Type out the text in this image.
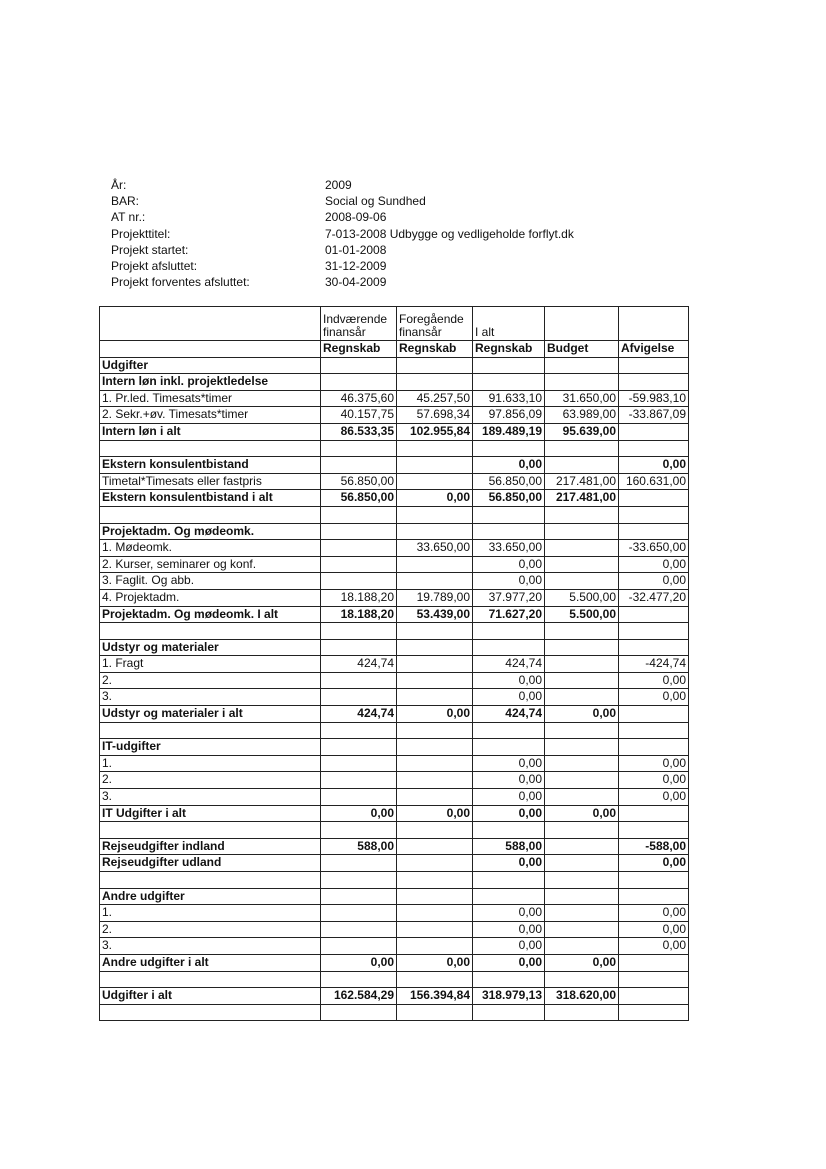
År:	2009
BAR:	Social og Sundhed
AT nr.:	2008-09-06
Projekttitel:	7-013-2008 Udbygge og vedligeholde forflyt.dk
Projekt startet:	01-01-2008
Projekt afsluttet:	31-12-2009
Projekt forventes afsluttet:	30-04-2009
	Indværende finansår	Foregående finansår	I alt		
	Regnskab	Regnskab	Regnskab	Budget	Afvigelse
Udgifter					
Intern løn inkl. projektledelse					
1. Pr.led. Timesats*timer	46.375,60	45.257,50	91.633,10	31.650,00	-59.983,10
2. Sekr.+øv. Timesats*timer	40.157,75	57.698,34	97.856,09	63.989,00	-33.867,09
Intern løn i alt	86.533,35	102.955,84	189.489,19	95.639,00	

Ekstern konsulentbistand			0,00		0,00
Timetal*Timesats eller fastpris	56.850,00		56.850,00	217.481,00	160.631,00
Ekstern konsulentbistand i alt	56.850,00	0,00	56.850,00	217.481,00	

Projektadm. Og mødeomk.					
1. Mødeomk.		33.650,00	33.650,00		-33.650,00
2. Kurser, seminarer og konf.			0,00		0,00
3. Faglit. Og abb.			0,00		0,00
4. Projektadm.	18.188,20	19.789,00	37.977,20	5.500,00	-32.477,20
Projektadm. Og mødeomk. I alt	18.188,20	53.439,00	71.627,20	5.500,00	

Udstyr og materialer					
1. Fragt	424,74		424,74		-424,74
2.			0,00		0,00
3.			0,00		0,00
Udstyr og materialer i alt	424,74	0,00	424,74	0,00	

IT-udgifter					
1.			0,00		0,00
2.			0,00		0,00
3.			0,00		0,00
IT Udgifter i alt	0,00	0,00	0,00	0,00	

Rejseudgifter indland	588,00		588,00		-588,00
Rejseudgifter udland			0,00		0,00

Andre udgifter					
1.			0,00		0,00
2.			0,00		0,00
3.			0,00		0,00
Andre udgifter i alt	0,00	0,00	0,00	0,00	

Udgifter i alt	162.584,29	156.394,84	318.979,13	318.620,00	
